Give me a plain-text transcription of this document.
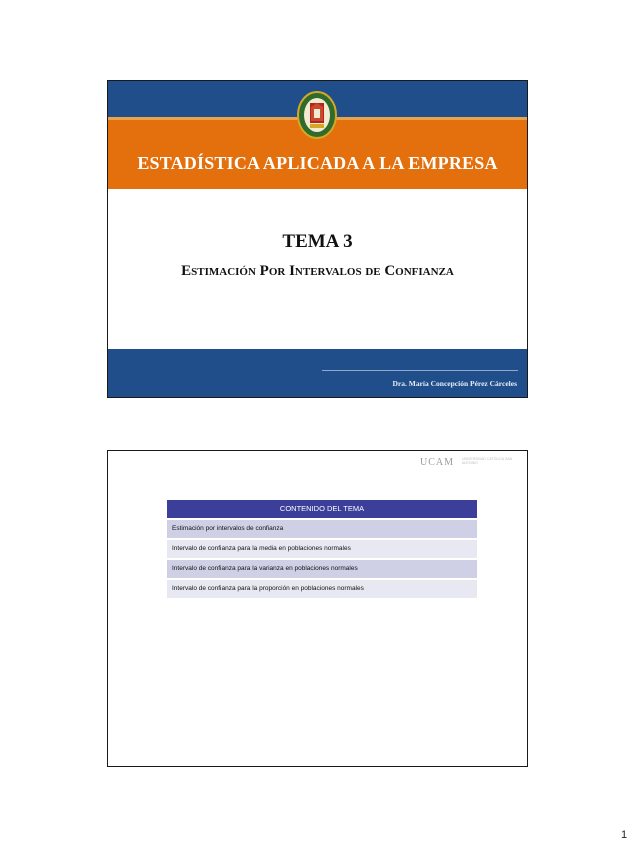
ESTADÍSTICA APLICADA A LA EMPRESA
TEMA 3
Estimación Por Intervalos de Confianza
Dra. María Concepción Pérez Cárceles
UCAM UNIVERSIDAD CATÓLICA SAN ANTONIO
CONTENIDO DEL TEMA
Estimación por intervalos de confianza
Intervalo de confianza para la media en poblaciones normales
Intervalo de confianza para la varianza en poblaciones normales
Intervalo de confianza para la proporción en poblaciones normales
1
